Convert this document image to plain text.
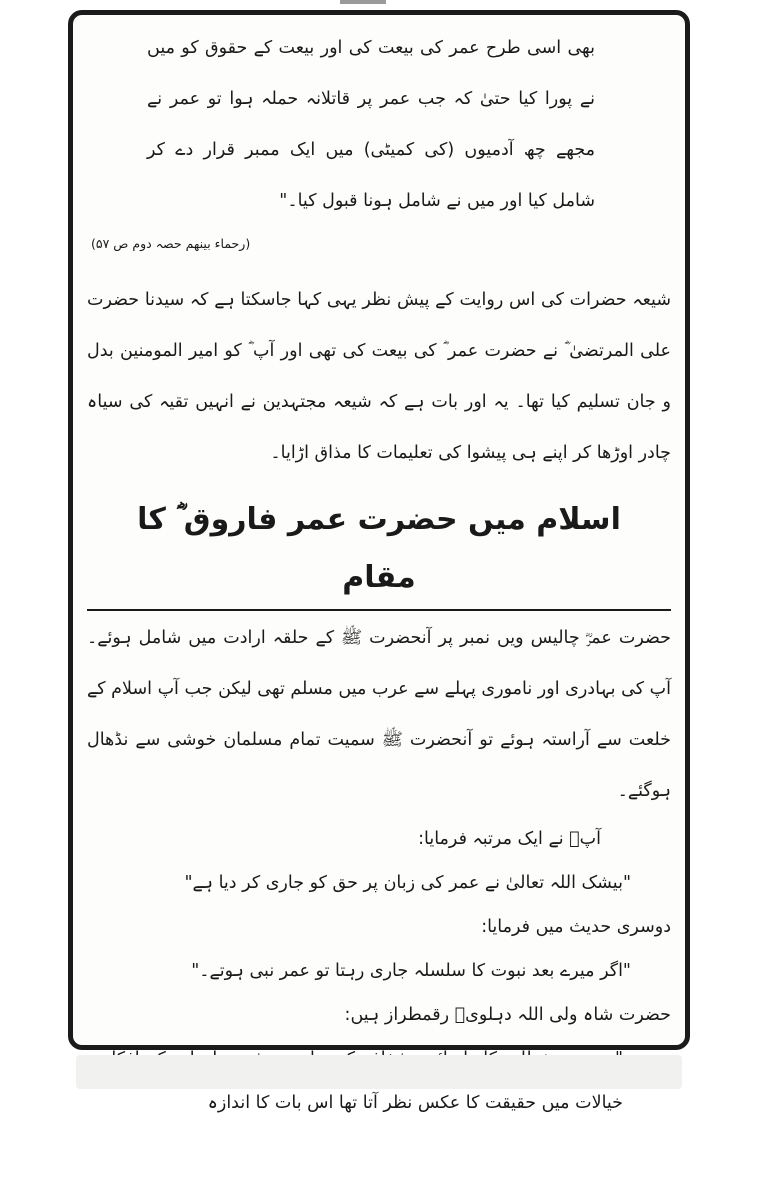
بھی اسی طرح عمر کی بیعت کی اور بیعت کے حقوق کو میں نے پورا کیا حتیٰ کہ جب عمر پر قاتلانہ حملہ ہوا تو عمر نے مجھے چھ آدمیوں (کی کمیٹی) میں ایک ممبر قرار دے کر شامل کیا اور میں نے شامل ہونا قبول کیا۔"

(رحماء بینھم حصہ دوم ص ۵۷)

شیعہ حضرات کی اس روایت کے پیش نظر یہی کہا جاسکتا ہے کہ سیدنا حضرت علی المرتضیٰ ؓ نے حضرت عمر ؓ کی بیعت کی تھی اور آپ ؓ کو امیر المومنین بدل و جان تسلیم کیا تھا۔ یہ اور بات ہے کہ شیعہ مجتہدین نے انہیں تقیہ کی سیاہ چادر اوڑھا کر اپنے ہی پیشوا کی تعلیمات کا مذاق اڑایا۔

اسلام میں حضرت عمر فاروق ؓ کا مقام

حضرت عمرؓ چالیس ویں نمبر پر آنحضرت ﷺ کے حلقہ ارادت میں شامل ہوئے۔ آپ کی بہادری اور ناموری پہلے سے عرب میں مسلم تھی لیکن جب آپ اسلام کے خلعت سے آراستہ ہوئے تو آنحضرت ﷺ سمیت تمام مسلمان خوشی سے نڈھال ہوگئے۔

آپؐ نے ایک مرتبہ فرمایا:

"بیشک اللہ تعالیٰ نے عمر کی زبان پر حق کو جاری کر دیا ہے"

دوسری حدیث میں فرمایا:

"اگر میرے بعد نبوت کا سلسلہ جاری رہتا تو عمر نبی ہوتے۔"

حضرت شاہ ولی اللہ دہلویؒ رقمطراز ہیں:

خیالات میں حقیقت کا عکس نظر آتا تھا اس بات کا اندازہ
